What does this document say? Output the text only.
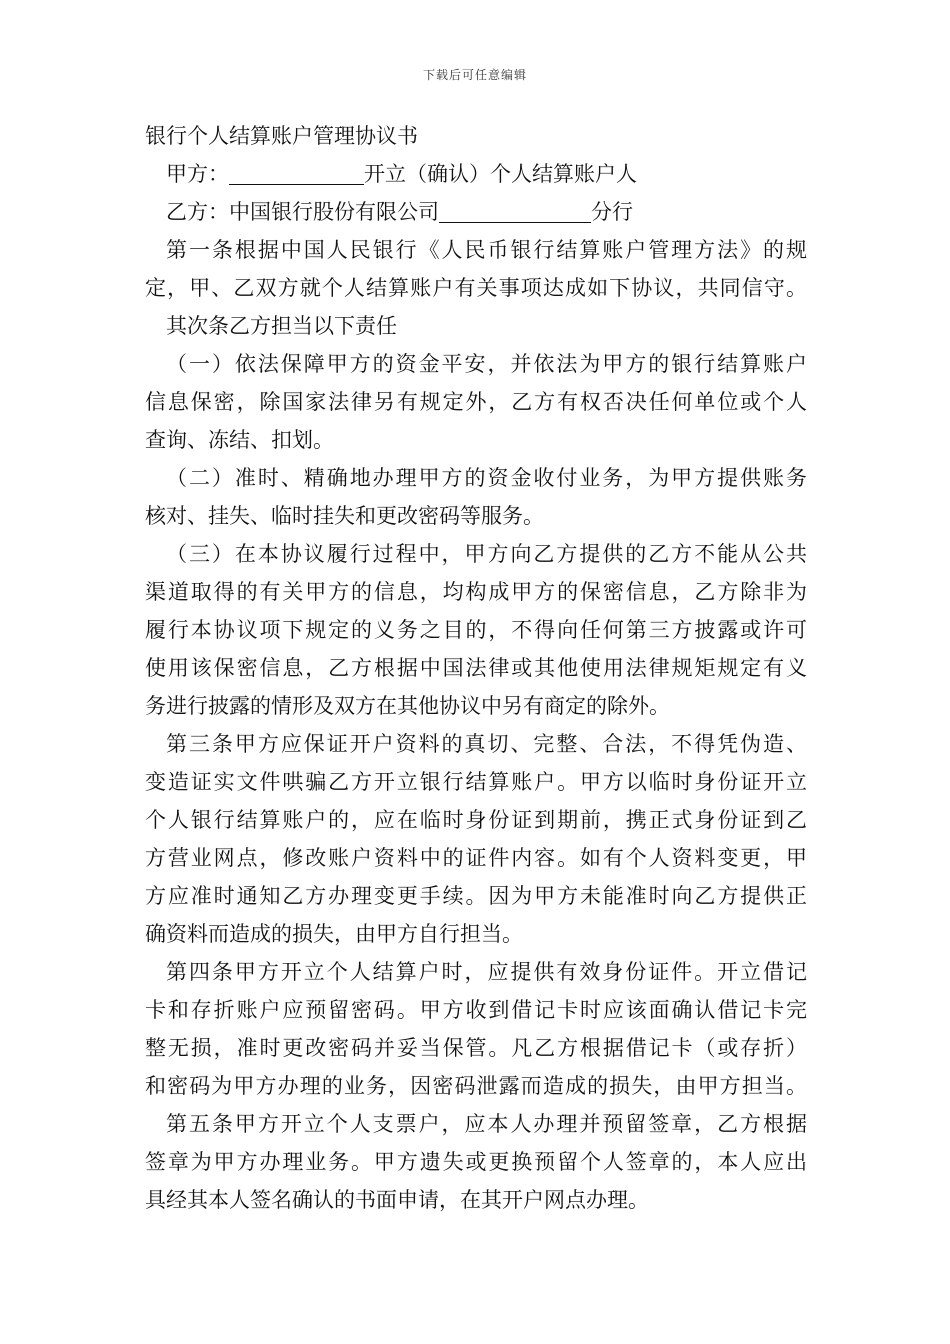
下载后可任意编辑
银行个人结算账户管理协议书
甲方：	开立（确认）个人结算账户人
乙方：中国银行股份有限公司	分行
第一条根据中国人民银行《人民币银行结算账户管理方法》的规
定，甲、乙双方就个人结算账户有关事项达成如下协议，共同信守。
其次条乙方担当以下责任
（一）依法保障甲方的资金平安，并依法为甲方的银行结算账户
信息保密，除国家法律另有规定外，乙方有权否决任何单位或个人
查询、冻结、扣划。
（二）准时、精确地办理甲方的资金收付业务，为甲方提供账务
核对、挂失、临时挂失和更改密码等服务。
（三）在本协议履行过程中，甲方向乙方提供的乙方不能从公共
渠道取得的有关甲方的信息，均构成甲方的保密信息，乙方除非为
履行本协议项下规定的义务之目的，不得向任何第三方披露或许可
使用该保密信息，乙方根据中国法律或其他使用法律规矩规定有义
务进行披露的情形及双方在其他协议中另有商定的除外。
第三条甲方应保证开户资料的真切、完整、合法，不得凭伪造、
变造证实文件哄骗乙方开立银行结算账户。甲方以临时身份证开立
个人银行结算账户的，应在临时身份证到期前，携正式身份证到乙
方营业网点，修改账户资料中的证件内容。如有个人资料变更，甲
方应准时通知乙方办理变更手续。因为甲方未能准时向乙方提供正
确资料而造成的损失，由甲方自行担当。
第四条甲方开立个人结算户时，应提供有效身份证件。开立借记
卡和存折账户应预留密码。甲方收到借记卡时应该面确认借记卡完
整无损，准时更改密码并妥当保管。凡乙方根据借记卡（或存折）
和密码为甲方办理的业务，因密码泄露而造成的损失，由甲方担当。
第五条甲方开立个人支票户，应本人办理并预留签章，乙方根据
签章为甲方办理业务。甲方遗失或更换预留个人签章的，本人应出
具经其本人签名确认的书面申请，在其开户网点办理。
